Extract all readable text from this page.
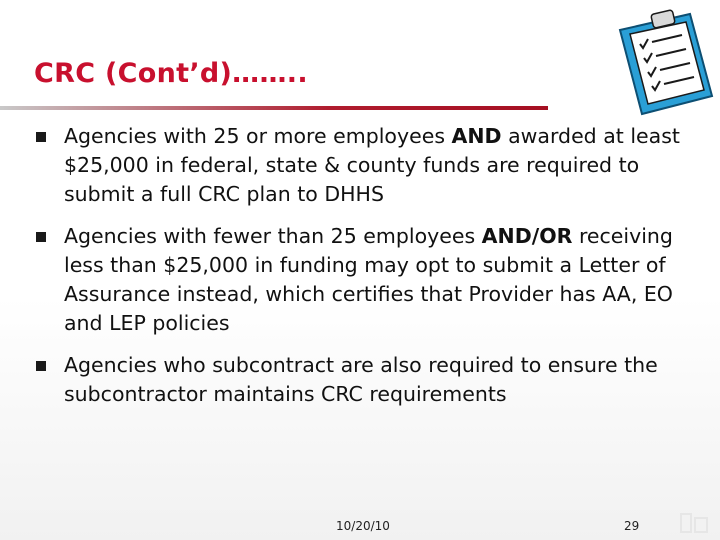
CRC (Cont’d)……..
Agencies with 25 or more employees AND awarded at least $25,000 in federal, state & county funds are required to submit a full CRC plan to DHHS
Agencies with fewer than 25 employees AND/OR receiving less than $25,000 in funding may opt to submit a Letter of Assurance instead, which certifies that Provider has AA, EO and LEP policies
Agencies who subcontract are also required to ensure the subcontractor maintains CRC requirements
10/20/10	29
